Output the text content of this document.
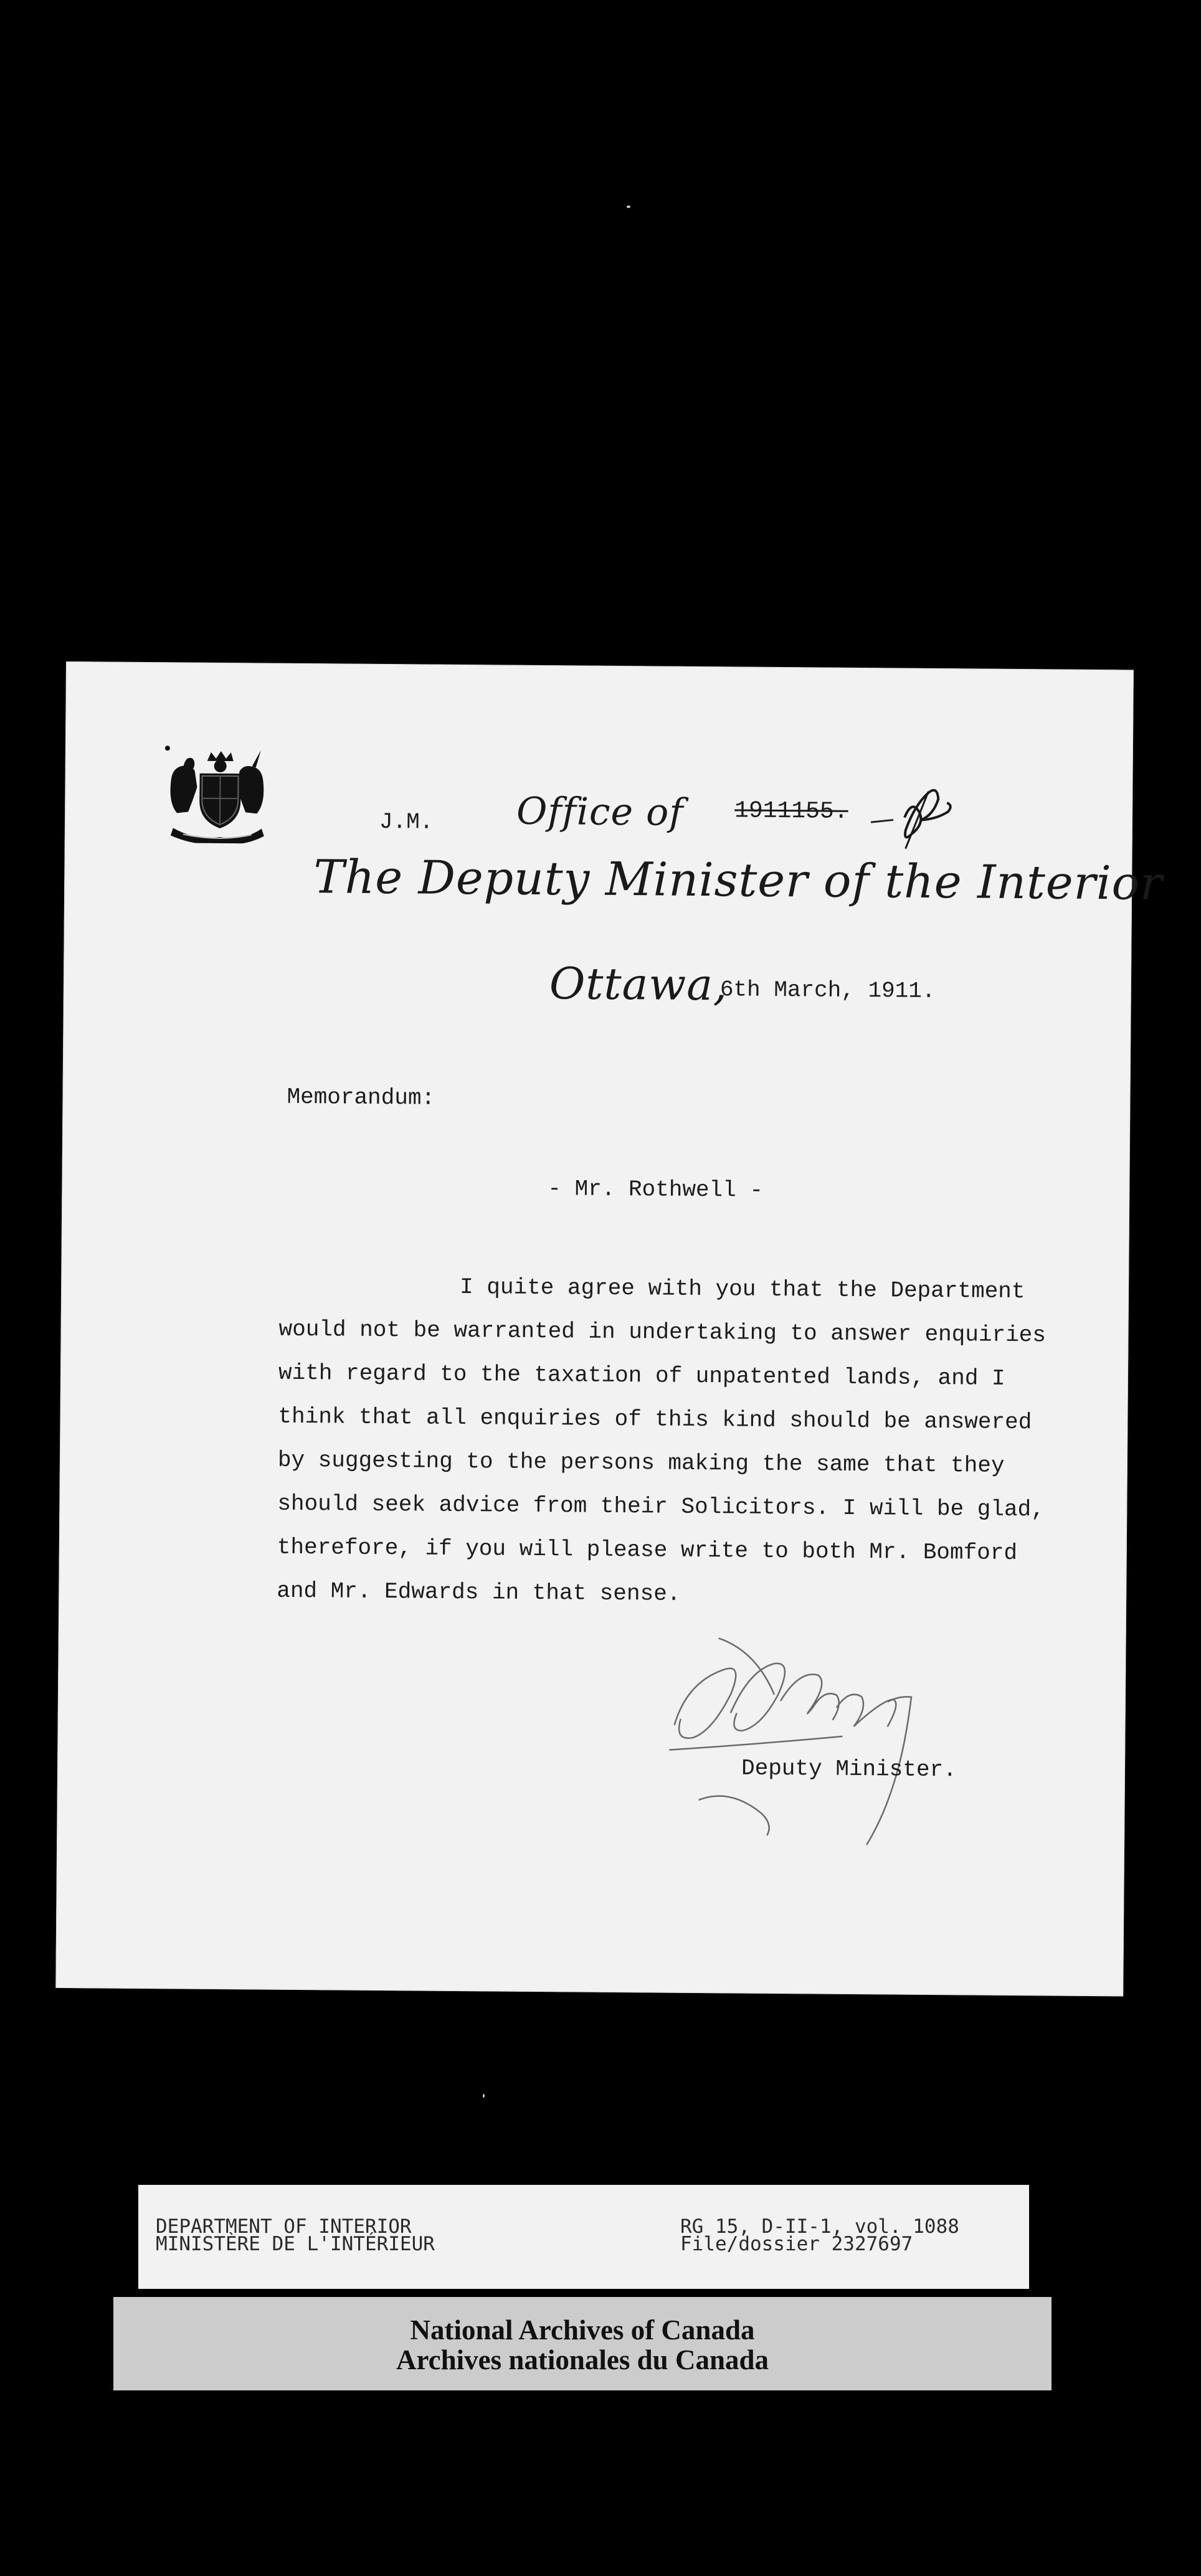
J.M. Office of 1911155.
The Deputy Minister of the Interior
Ottawa,
6th March, 1911.
Memorandum:
- Mr. Rothwell -
I quite agree with you that the Department
would not be warranted in undertaking to answer enquiries
with regard to the taxation of unpatented lands, and I
think that all enquiries of this kind should be answered
by suggesting to the persons making the same that they
should seek advice from their Solicitors. I will be glad,
therefore, if you will please write to both Mr. Bomford
and Mr. Edwards in that sense.
Deputy Minister.
DEPARTMENT OF INTERIOR
MINISTÈRE DE L'INTÉRIEUR
RG 15, D-II-1, vol. 1088
File/dossier 2327697
National Archives of Canada
Archives nationales du Canada
